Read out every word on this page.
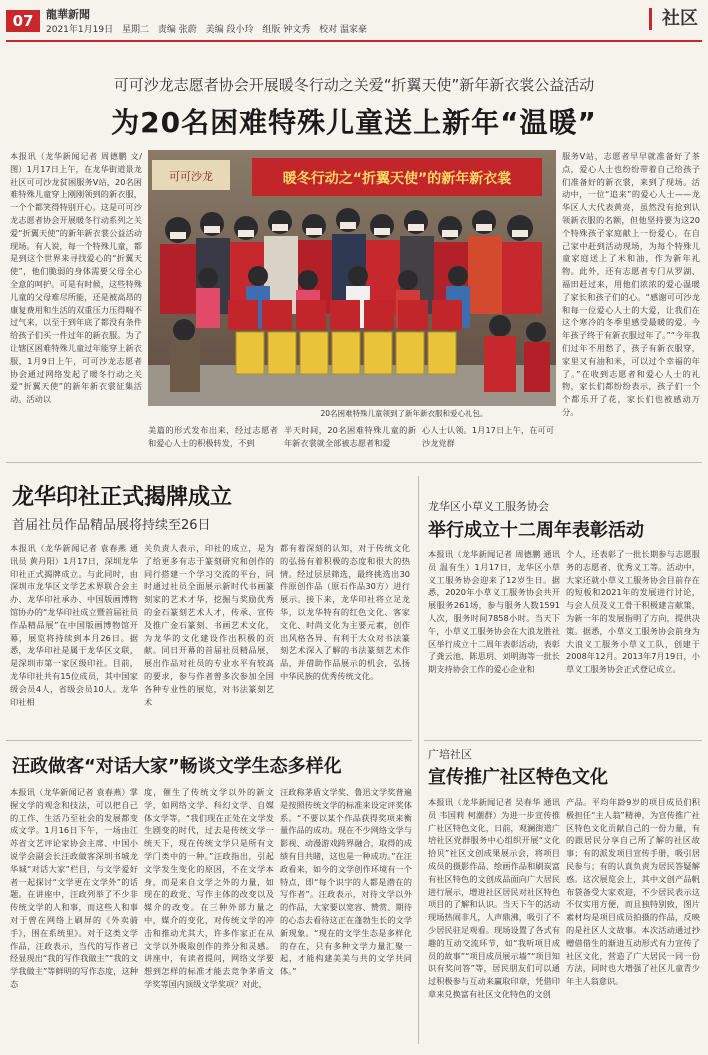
07	龍華新聞
2021年1月19日 星期二 责编 张蔚 美编 段小玲 组版 钟文秀 校对 温家豪
社区
可可沙龙志愿者协会开展暖冬行动之关爱“折翼天使”新年新衣裳公益活动
为20名困难特殊儿童送上新年“温暖”
本报讯（龙华新闻记者 周德鹏 文/图）1月17日上午，在龙华街道景龙社区可可沙龙贫困服务V站，20名困难特殊儿童穿上刚刚领到的新衣服，一个个都笑得特别开心。这是可可沙龙志愿者协会开展暖冬行动系列之关爱“折翼天使”的新年新衣裳公益活动现场。有人说，每一个特殊儿童，都是到这个世界来寻找爱心的“折翼天使”，他们脆弱的身体需要父母全心全意的呵护。可是有时候，这些特殊儿童的父母难尽所能，还是被高昂的康复费用和生活的双重压力压得喘不过气来，以至于到年底了都没有条件给孩子们买一件过年的新衣服。为了让辖区困难特殊儿童过年能穿上新衣服，1月9日上午，可可沙龙志愿者协会通过网络发起了暖冬行动之关爱“折翼天使”的新年新衣裳征集活动。活动以
暖冬行动之“折翼天使”的新年新衣裳
可可沙龙
20名困难特殊儿童领到了新年新衣服和爱心礼包。
美篇的形式发布出来，经过志愿者和爱心人士的积极转发，不到
半天时间，20名困难特殊儿童的新年新衣裳就全部被志愿者和爱
心人士认领。1月17日上午，在可可沙龙党群
服务V站，志愿者早早就准备好了茶点，爱心人士也纷纷带着自己给孩子们准备好的新衣裳，来到了现场。活动中，一位“追来”的爱心人士——龙华区人大代表黄亮，虽然没有抢到认领新衣服的名额，但他坚持要为这20个特殊孩子家庭献上一份爱心，在自己家中赶到活动现场，为每个特殊儿童家庭送上了米和油，作为新年礼物。此外，还有志愿者专门从罗湖、福田赶过来，用他们浓浓的爱心温暖了家长和孩子们的心。“感谢可可沙龙和每一位爱心人士的大爱，让我们在这个寒冷的冬季里感受最暖的爱。今年孩子终于有新衣服过年了。”“今年我们过年不用愁了，孩子有新衣服穿，家里又有油和米，可以过个幸福的年了。”在收到志愿者和爱心人士的礼物，家长们都纷纷表示，孩子们一个个都乐开了花，家长们也被感动万分。
龙华印社正式揭牌成立
首届社员作品精品展将持续至26日
本报讯（龙华新闻记者 袁春燕 通讯员 黄丹阳）1月17日，深圳龙华印社正式揭牌成立。与此同时，由深圳市龙华区文学艺术界联合会主办、龙华印社承办、中国版画博物馆协办的“龙华印社成立暨首届社员作品精品展”在中国版画博物馆开幕，展览将持续到本月26日。据悉，龙华印社是属于龙华区文联，是深圳市第一家区级印社。目前，龙华印社共有15位成员，其中国家级会员4人，省级会员10人。龙华印社相
关负责人表示，印社的成立，是为了给更多有志于篆刻研究和创作的同行搭建一个学习交流的平台，同时通过社员全面展示新时代书画篆刻家的艺术才华，挖掘与奖励优秀的金石篆刻艺术人才，传承、宣传及推广金石篆刻、书画艺术文化，为龙华的文化建设作出积极的贡献。同日开幕的首届社员精品展，展出作品对社员的专业水平有较高的要求，参与作者曾多次参加全国各种专业性的展览，对书法篆刻艺术
都有着深刻的认知，对于传统文化的弘扬有着积极的态度和很大的热情。经过层层筛选，最终挑选出30件原创作品（原石作品30方）进行展示。接下来，龙华印社将立足龙华，以龙华特有的红色文化、客家文化、时尚文化为主要元素，创作出风格各异、有利于大众对书法篆刻艺术深入了解的书法篆刻艺术作品，并借助作品展示的机会，弘扬中华民族的优秀传统文化。
龙华区小草义工服务协会
举行成立十二周年表彰活动
本报讯（龙华新闻记者 周德鹏 通讯员 温有生）1月17日，龙华区小草义工服务协会迎来了12岁生日。据悉，2020年小草义工服务协会共开展服务261场，参与服务人数1591人次，服务时间7858小时。当天下午，小草义工服务协会在大浪龙胜社区举行成立十二周年表彰活动，表彰了龚云池、陈思玥、刘明海等一批长期支持协会工作的爱心企业和
个人，还表彰了一批长期参与志愿服务的志愿者、优秀义工等。活动中，大家还就小草义工服务协会目前存在的短板和2021年的发展进行讨论，与会人员及义工骨干积极建言献策，为新一年的发展指明了方向，提供决策。据悉，小草义工服务协会前身为大浪义工服务小草义工队，创建于2008年12月。2013年7月19日，小草义工服务协会正式登记成立。
汪政做客“对话大家”畅谈文学生态多样化
本报讯（龙华新闻记者 袁春燕）掌握文学的观念和技法，可以把自己的工作、生活乃至社会的发展都变成文学。1月16日下午，一场由江苏省文艺评论家协会主席、中国小说学会副会长汪政做客深圳书城龙华城“对话大家”栏目，与文学爱好者一起探讨“文学更在文学外”的话题。在讲座中，汪政列举了不少非传统文学的人和事，而这些人和事对于曾在网络上刷屏的《外卖骑手》，围在系统里》。对于这类文学作品，汪政表示，当代的写作者已经显现出“我的写作我做主”“我的文学我做主”等鲜明的写作态度，这种态
度，催生了传统文学以外的新文学，如网络文学、科幻文学、自媒体文学等。“我们现在正处在文学发生剧变的时代，过去是传统文学一统天下，现在传统文学只是所有文学门类中的一种。”汪政指出，引起文学发生变化的原因，不在文学本身，而是来自文学之外的力量，如现在的政党、写作主体的改变以及媒介的改变。在三种外部力量之中，媒介的变化，对传统文学的冲击和推动尤其大，许多作家正在从文学以外吸取创作的养分和灵感。讲座中，有读者提问，网络文学要想到怎样的标准才能去竞争茅盾文学奖等国内顶级文学奖项？对此，
汪政称茅盾文学奖、鲁迅文学奖普遍是按照传统文学的标准来设定评奖体系。“不要以某个作品获得奖项来衡量作品的成功。现在不少网络文学与影视、动漫游戏跨界融合，取得的成绩有目共睹，这也是一种成功。”在汪政看来，如今的文学创作环境有一个特点，即“每个识字的人都是潜在的写作者”。汪政表示，对待文学以外的作品，大家要以宽容、赞赏、期待的心态去看待这正在蓬勃生长的文学新现象。“现在的文学生态是多样化的存在，只有多种文学力量汇聚一起，才能构建美美与共的文学共同体。”
广培社区
宣传推广社区特色文化
本报讯（龙华新闻记者 吴春华 通讯员 韦国莉 柯潮群）为进一步宣传推广社区特色文化，日前，观澜街道广培社区党群服务中心组织开展“文化拾贝”社区文创成果展示会，将项目成员的摄影作品、绘画作品和刷炭富有社区特色的文创成品面向广大居民进行展示，增进社区居民对社区特色项目的了解和认识。当天下午的活动现场热闹非凡，人声鼎沸，吸引了不少居民驻足观看。现场设置了各式有趣的互动交流环节，如“我听项目成员的故事”“项目成员展示墙”“项目知识有奖问答”等，居民朋友们可以通过积极参与互动来赢取印章，凭借印章来兑换富有社区文化特色的文创
产品。平均年龄9岁的项目成员们积极担任“主人翁”精神，为宣传推广社区特色文化贡献自己的一份力量，有的跟居民分享自己所了解的社区故事；有的派发项目宣传手册，吸引居民参与；有的认真负责为居民答疑解惑。这次展览会上，其中文创产品帆布袋备受大家欢迎，不少居民表示这不仅实用方便，而且独特别致，图片素材均是项目成员拍摄的作品，反映的是社区人文故事。本次活动通过抄赠借借生的渐进互动形式有力宣传了社区文化，营造了广大居民一同一份方法，同时也大增强了社区儿童青少年主人翁意识。
